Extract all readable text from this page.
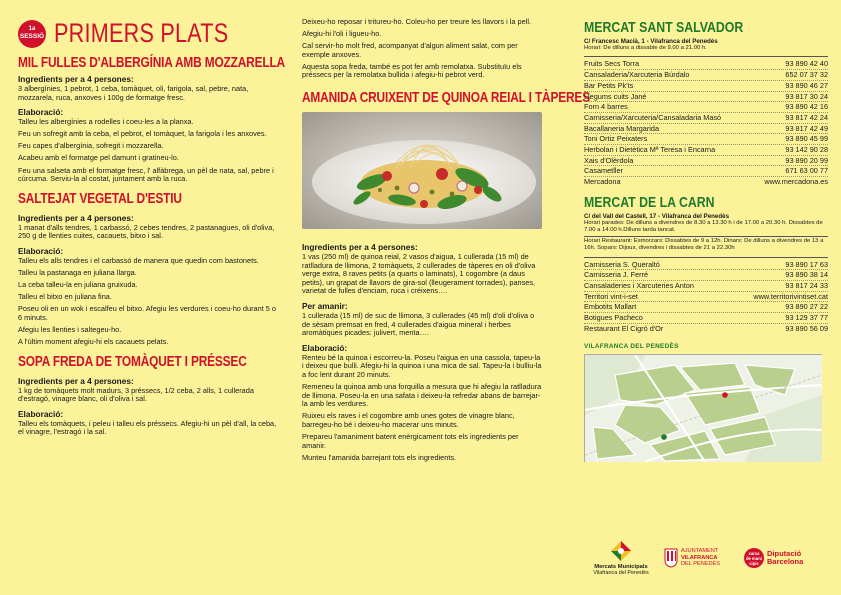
1a
SESSIÓ PRIMERS PLATS
MIL FULLES D'ALBERGÍNIA AMB MOZZARELLA
Ingredients per a 4 persones:

3 albergínies, 1 pebrot, 1 ceba, tomàquet, oli, farigola, sal, pebre, nata, mozzarela, ruca, anxoves i 100g de formatge fresc.

Elaboració:

Talleu les albergínies a rodelles i coeu-les a la planxa.

Feu un sofregit amb la ceba, el pebrot, el tomàquet, la farigola i les anxoves.

Feu capes d'albergínia, sofregit i mozzarella.

Acabeu amb el formatge pel damunt i gratineu-lo.

Feu una salseta amb el formatge fresc, l' alfàbrega, un pèl de nata, sal, pebre i cúrcuma. Serviu-la al costat, juntament amb la ruca.

SALTEJAT VEGETAL D'ESTIU
Ingredients per a 4 persones:

1 manat d'alls tendres, 1 carbassó, 2 cebes tendres, 2 pastanagues, oli d'oliva, 250 g de llenties cuites, cacauets, bitxo i sal.

Elaboració:

Talleu els alls tendres i el carbassó de manera que quedin com bastonets.

Talleu la pastanaga en juliana llarga.

La ceba talleu-la en juliana gruixuda.

Talleu el bitxo en juliana fina.

Poseu oli en un wok i escalfeu el bitxo. Afegiu les verdures i coeu-ho durant 5 o 6 minuts.

Afegiu les llenties i saltegeu-ho.

A l'últim moment afegiu-hi els cacauets pelats.

SOPA FREDA DE TOMÀQUET I PRÉSSEC
Ingredients per a 4 persones:

1 kg de tomàquets molt madurs, 3 préssecs, 1/2 ceba, 2 alls, 1 cullerada d'estragó, vinagre blanc, oli d'oliva i sal.

Elaboració:

Talleu els tomàquets, i peleu i talleu els préssecs. Afegiu-hi un pèl d'all, la ceba, el vinagre, l'estragó i la sal.

Deixeu-ho reposar i tritureu-ho. Coleu-ho per treure les llavors i la pell.

Afegiu-hi l'oli i ligueu-ho.

Cal servir-ho molt fred, acompanyat d'algun aliment salat, com per exemple anxoves.

Aquesta sopa freda, també es pot fer amb remolatxa. Substituïu els préssecs per la remolatxa bullida i afegiu-hi pebrot verd.

AMANIDA CRUIXENT DE QUINOA REIAL I TÀPERES
Ingredients per a 4 persones:

1 vas (250 ml) de quinoa reial, 2 vasos d'aigua, 1 cullerada (15 ml) de ratlladura de llimona, 2 tomàquets, 2 cullerades de tàperes en oli d'oliva verge extra, 8 raves petits (a quarts o laminats), 1 cogombre (a daus petits), un grapat de llavors de gira-sol (lleugerament torrades), panses, varietat de fulles d'enciam, ruca i créixens….

Per amanir:

1 cullerada (15 ml) de suc de llimona, 3 cullerades (45 ml) d'oli d'oliva o de sèsam premsat en fred, 4 cullerades d'aigua mineral i herbes aromàtiques picades: julivert, menta….

Elaboració:

Renteu bé la quinoa i escorreu-la. Poseu l'aigua en una cassola, tapeu-la i deixeu que bulli. Afegiu-hi la quinoa i una mica de sal. Tapeu-la i bulliu-la a foc lent durant 20 minuts.

Remeneu la quinoa amb una forquilla a mesura que hi afegiu la ratlladura de llimona. Poseu-la en una safata i deixeu-la refredar abans de barrejar-la amb les verdures.

Ruixeu els raves i el cogombre amb unes gotes de vinagre blanc, barregeu-ho bé i deixeu-ho macerar uns minuts.

Prepareu l'amaniment batent enèrgicament tots els ingredients per amanir.

Munteu l'amanida barrejant tots els ingredients.

MERCAT SANT SALVADOR
C/ Francesc Macià, 1 - Vilafranca del Penedès
Horari: De dilluns a dissabte de 9.00 a 21.00 h.
Fruits Secs Torra	93 890 42 40
Cansaladeria/Xarcuteria Búrdalo	652 07 37 32
Bar Petits Pk'ts	93 890 46 27
Llegums cuits Jané	93 817 30 24
Forn 4 barres	93 890 42 16
Carnisseria/Xarcuteria/Cansaladaria Masó	93 817 42 24
Bacallaneria Margarida	93 817 42 49
Toni Ortiz Peixaters	93 890 45 99
Herbolari i Dietètica Mª Teresa i Encarna	93 142 90 28
Xais d'Olèrdola	93 890 20 99
Casametller	671 63 00 77
Mercadona	www.mercadona.es
MERCAT DE LA CARN
C/ del Vall del Castell, 17 - Vilafranca del Penedès
Horari parades: De dilluns a divendres de 8.30 a 13.30 h i de 17.00 a 20.30 h. Dissabtes de 7.00 a 14.00 h.Dilluns tarda tancat.
Horari Restaurant: Esmorzars: Dissabtes de 9 a 12h. Dinars: De dilluns a divendres de 13 a 16h. Sopars: Dijous, divendres i dissabtes de 21 a 22.30h
Carnisseria S. Queraltó	93 890 17 63
Carnisseria J. Ferré	93 890 38 14
Cansaladeries i Xarcuteries Anton	93 817 24 33
Territori vint-i-set	www.territorivintiset.cat
Embotits Mallart	93 890 27 22
Botigues Pacheco	93 129 37 77
Restaurant El Cigró d'Or	93 890 56 09
VILAFRANCA DEL PENEDÈS
Mercats Municipals
Vilafranca del Penedès
AJUNTAMENT
VILAFRANCA
DEL PENEDÈS
xarxa
de muni
cipis
Diputació
Barcelona
